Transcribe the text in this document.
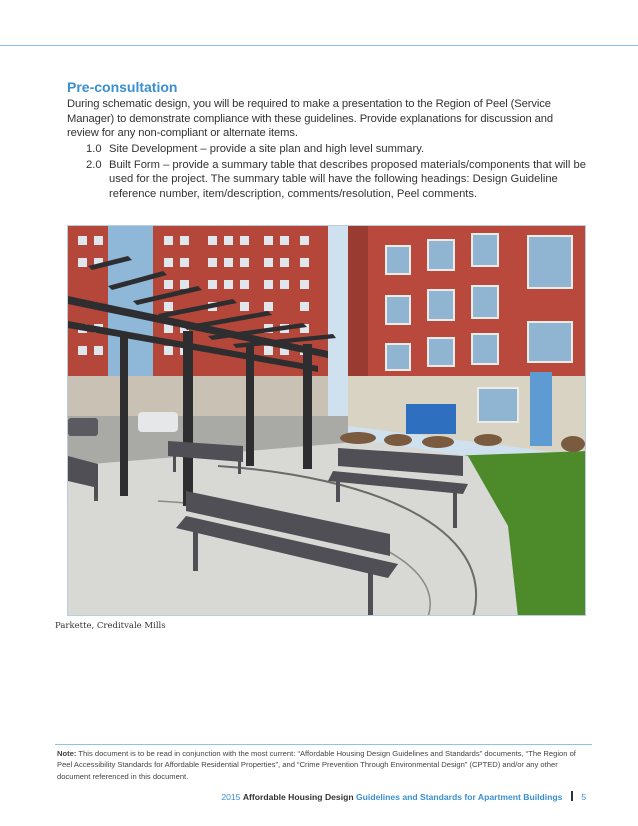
Pre-consultation
During schematic design, you will be required to make a presentation to the Region of Peel (Service Manager) to demonstrate compliance with these guidelines. Provide explanations for discussion and review for any non-compliant or alternate items.
1.0 Site Development – provide a site plan and high level summary.
2.0 Built Form – provide a summary table that describes proposed materials/components that will be used for the project. The summary table will have the following headings: Design Guideline reference number, item/description, comments/resolution, Peel comments.
Parkette, Creditvale Mills
Note: This document is to be read in conjunction with the most current: “Affordable Housing Design Guidelines and Standards” documents, “The Region of Peel Accessibility Standards for Affordable Residential Properties”, and “Crime Prevention Through Environmental Design” (CPTED) and/or any other document referenced in this document.
2015 Affordable Housing Design Guidelines and Standards for Apartment Buildings 5
